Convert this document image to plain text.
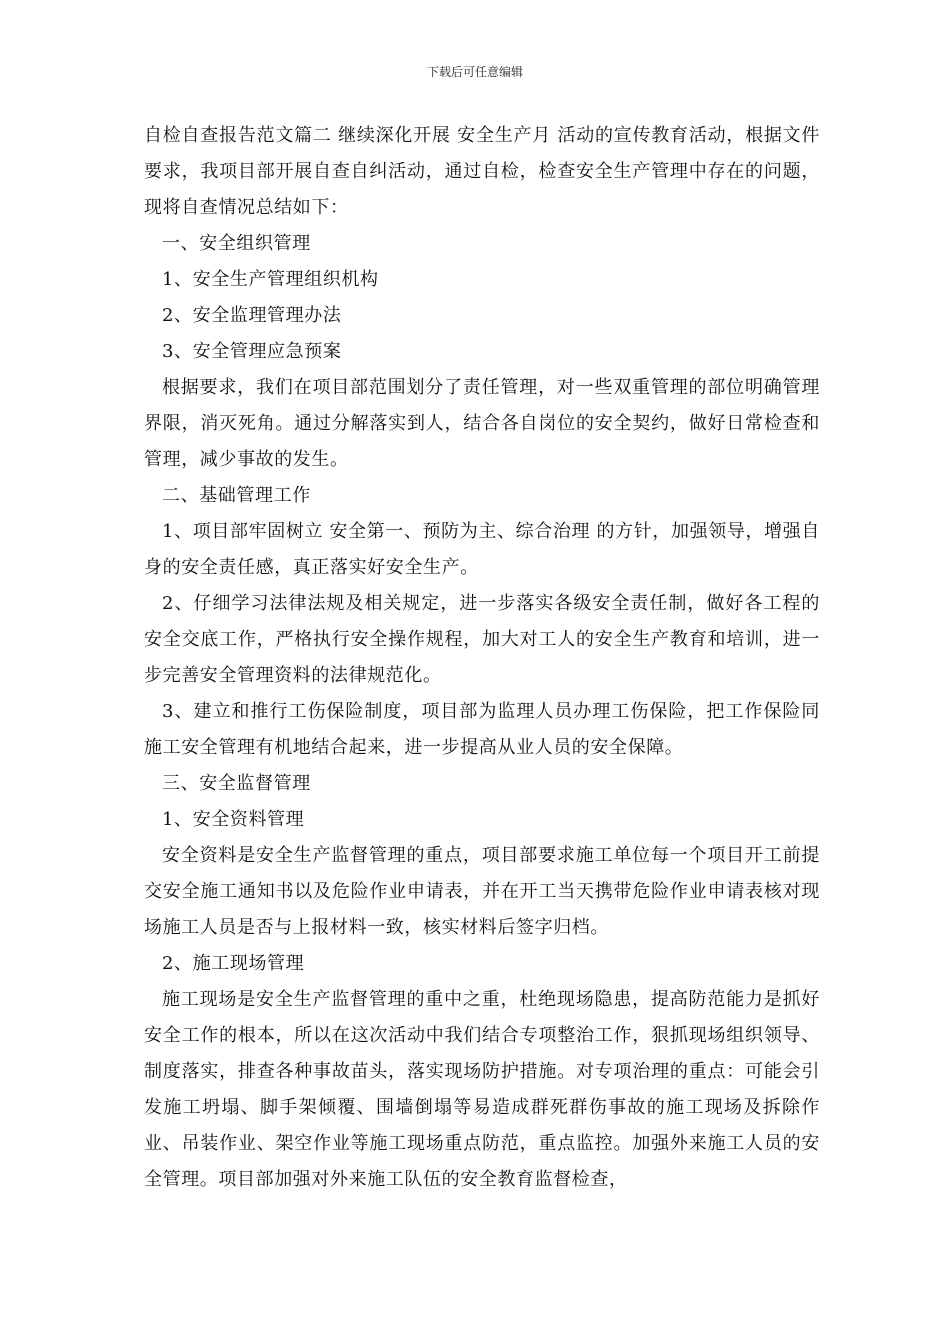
下载后可任意编辑

自检自查报告范文篇二 继续深化开展 安全生产月 活动的宣传教育活动，根据文件要求，我项目部开展自查自纠活动，通过自检，检查安全生产管理中存在的问题，现将自查情况总结如下：

一、安全组织管理

1、安全生产管理组织机构

2、安全监理管理办法

3、安全管理应急预案

根据要求，我们在项目部范围划分了责任管理，对一些双重管理的部位明确管理界限，消灭死角。通过分解落实到人，结合各自岗位的安全契约，做好日常检查和管理，减少事故的发生。

二、基础管理工作

1、项目部牢固树立 安全第一、预防为主、综合治理 的方针，加强领导，增强自身的安全责任感，真正落实好安全生产。

2、仔细学习法律法规及相关规定，进一步落实各级安全责任制，做好各工程的安全交底工作，严格执行安全操作规程，加大对工人的安全生产教育和培训，进一步完善安全管理资料的法律规范化。

3、建立和推行工伤保险制度，项目部为监理人员办理工伤保险，把工作保险同施工安全管理有机地结合起来，进一步提高从业人员的安全保障。

三、安全监督管理

1、安全资料管理

安全资料是安全生产监督管理的重点，项目部要求施工单位每一个项目开工前提交安全施工通知书以及危险作业申请表，并在开工当天携带危险作业申请表核对现场施工人员是否与上报材料一致，核实材料后签字归档。

2、施工现场管理

施工现场是安全生产监督管理的重中之重，杜绝现场隐患，提高防范能力是抓好安全工作的根本，所以在这次活动中我们结合专项整治工作，狠抓现场组织领导、制度落实，排查各种事故苗头，落实现场防护措施。对专项治理的重点：可能会引发施工坍塌、脚手架倾覆、围墙倒塌等易造成群死群伤事故的施工现场及拆除作业、吊装作业、架空作业等施工现场重点防范，重点监控。加强外来施工人员的安全管理。项目部加强对外来施工队伍的安全教育监督检查，
